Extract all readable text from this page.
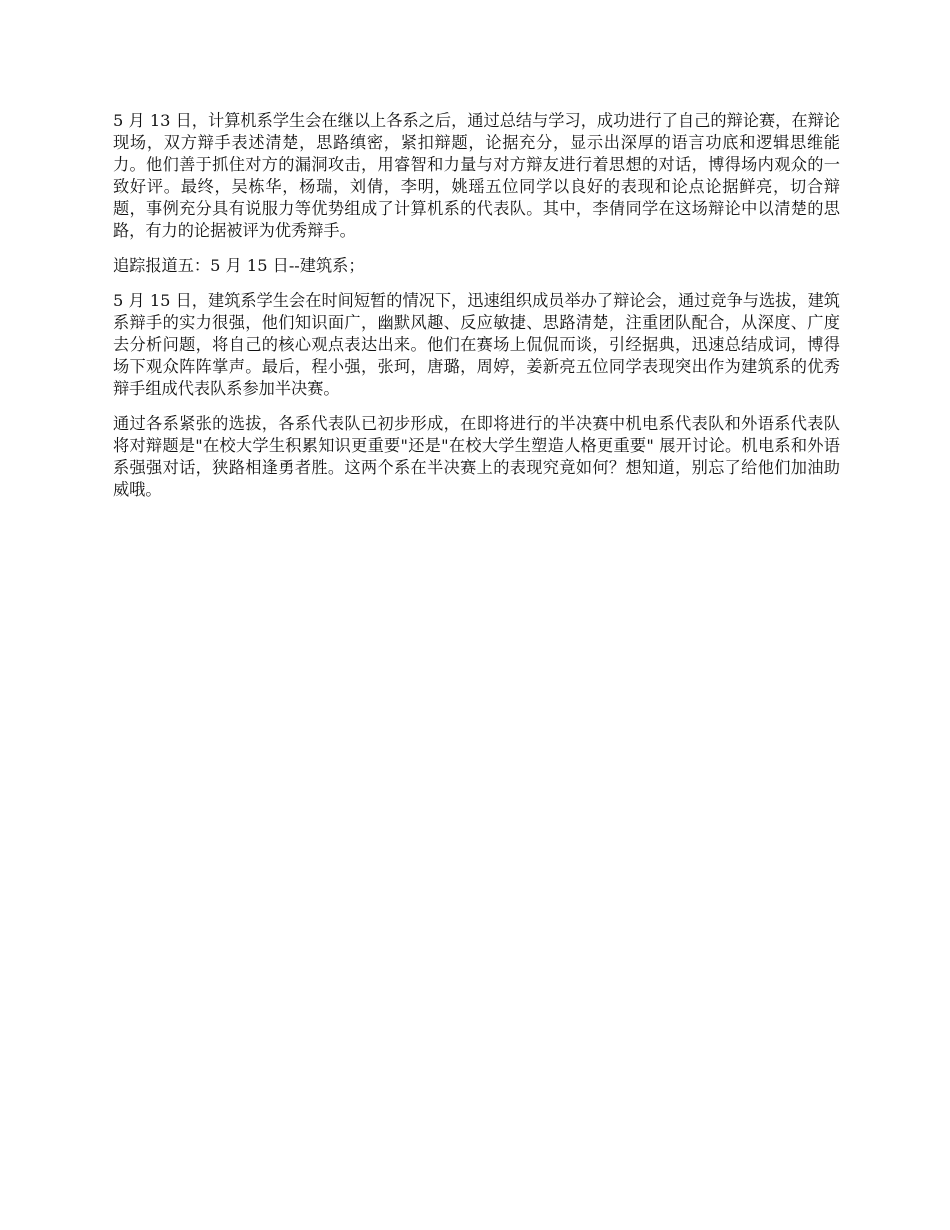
5 月 13 日，计算机系学生会在继以上各系之后，通过总结与学习，成功进行了自己的辩论赛，在辩论现场，双方辩手表述清楚，思路缜密，紧扣辩题，论据充分，显示出深厚的语言功底和逻辑思维能力。他们善于抓住对方的漏洞攻击，用睿智和力量与对方辩友进行着思想的对话，博得场内观众的一致好评。最终，吴栋华，杨瑞，刘倩，李明，姚瑶五位同学以良好的表现和论点论据鲜亮，切合辩题，事例充分具有说服力等优势组成了计算机系的代表队。其中，李倩同学在这场辩论中以清楚的思路，有力的论据被评为优秀辩手。

追踪报道五：5 月 15 日--建筑系；

5 月 15 日，建筑系学生会在时间短暂的情况下，迅速组织成员举办了辩论会，通过竞争与选拔，建筑系辩手的实力很强，他们知识面广，幽默风趣、反应敏捷、思路清楚，注重团队配合，从深度、广度去分析问题，将自己的核心观点表达出来。他们在赛场上侃侃而谈，引经据典，迅速总结成词，博得场下观众阵阵掌声。最后，程小强，张珂，唐璐，周婷，姜新亮五位同学表现突出作为建筑系的优秀辩手组成代表队系参加半决赛。

通过各系紧张的选拔，各系代表队已初步形成，在即将进行的半决赛中机电系代表队和外语系代表队将对辩题是"在校大学生积累知识更重要"还是"在校大学生塑造人格更重要" 展开讨论。机电系和外语系强强对话，狭路相逢勇者胜。这两个系在半决赛上的表现究竟如何？想知道，别忘了给他们加油助威哦。
